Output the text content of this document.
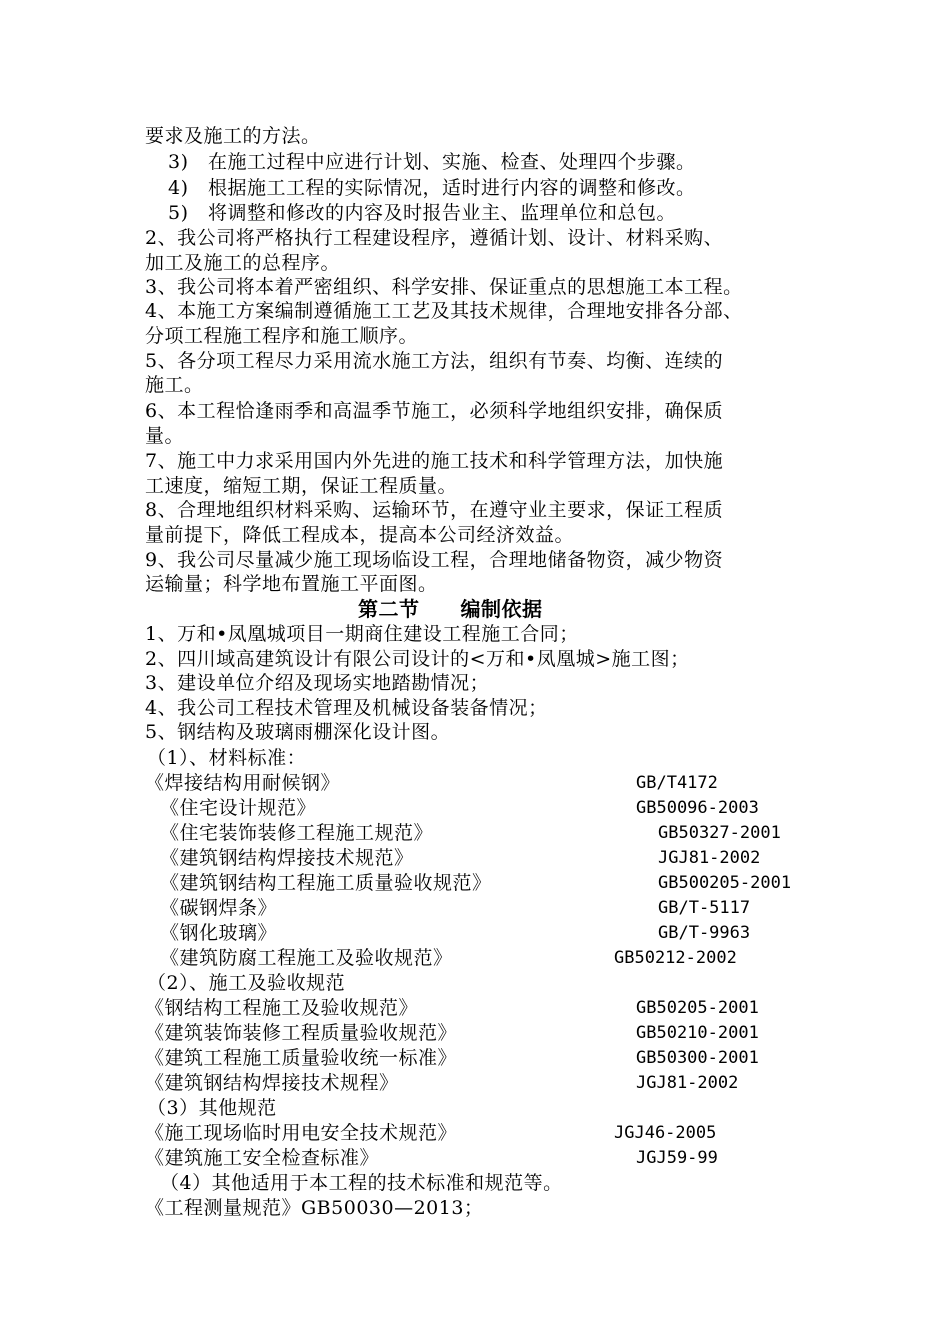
要求及施工的方法。
3)　在施工过程中应进行计划、实施、检查、处理四个步骤。
4)　根据施工工程的实际情况，适时进行内容的调整和修改。
5)　将调整和修改的内容及时报告业主、监理单位和总包。
2、我公司将严格执行工程建设程序，遵循计划、设计、材料采购、
加工及施工的总程序。
3、我公司将本着严密组织、科学安排、保证重点的思想施工本工程。
4、本施工方案编制遵循施工工艺及其技术规律，合理地安排各分部、
分项工程施工程序和施工顺序。
5、各分项工程尽力采用流水施工方法，组织有节奏、均衡、连续的
施工。
6、本工程恰逢雨季和高温季节施工，必须科学地组织安排，确保质
量。
7、施工中力求采用国内外先进的施工技术和科学管理方法，加快施
工速度，缩短工期，保证工程质量。
8、合理地组织材料采购、运输环节，在遵守业主要求，保证工程质
量前提下，降低工程成本，提高本公司经济效益。
9、我公司尽量减少施工现场临设工程，合理地储备物资，减少物资
运输量；科学地布置施工平面图。
第二节　　编制依据
1、万和•凤凰城项目一期商住建设工程施工合同；
2、四川域高建筑设计有限公司设计的<万和•凤凰城>施工图；
3、建设单位介绍及现场实地踏勘情况；
4、我公司工程技术管理及机械设备装备情况；
5、钢结构及玻璃雨棚深化设计图。
（1）、材料标准：
《焊接结构用耐候钢》	GB/T4172
《住宅设计规范》	GB50096-2003
《住宅装饰装修工程施工规范》	GB50327-2001
《建筑钢结构焊接技术规范》	JGJ81-2002
《建筑钢结构工程施工质量验收规范》	GB500205-2001
《碳钢焊条》	GB/T-5117
《钢化玻璃》	GB/T-9963
《建筑防腐工程施工及验收规范》	GB50212-2002
（2）、施工及验收规范
《钢结构工程施工及验收规范》	GB50205-2001
《建筑装饰装修工程质量验收规范》	GB50210-2001
《建筑工程施工质量验收统一标准》	GB50300-2001
《建筑钢结构焊接技术规程》	JGJ81-2002
（3）其他规范
《施工现场临时用电安全技术规范》	JGJ46-2005
《建筑施工安全检查标准》	JGJ59-99
（4）其他适用于本工程的技术标准和规范等。
《工程测量规范》GB50030—2013；
